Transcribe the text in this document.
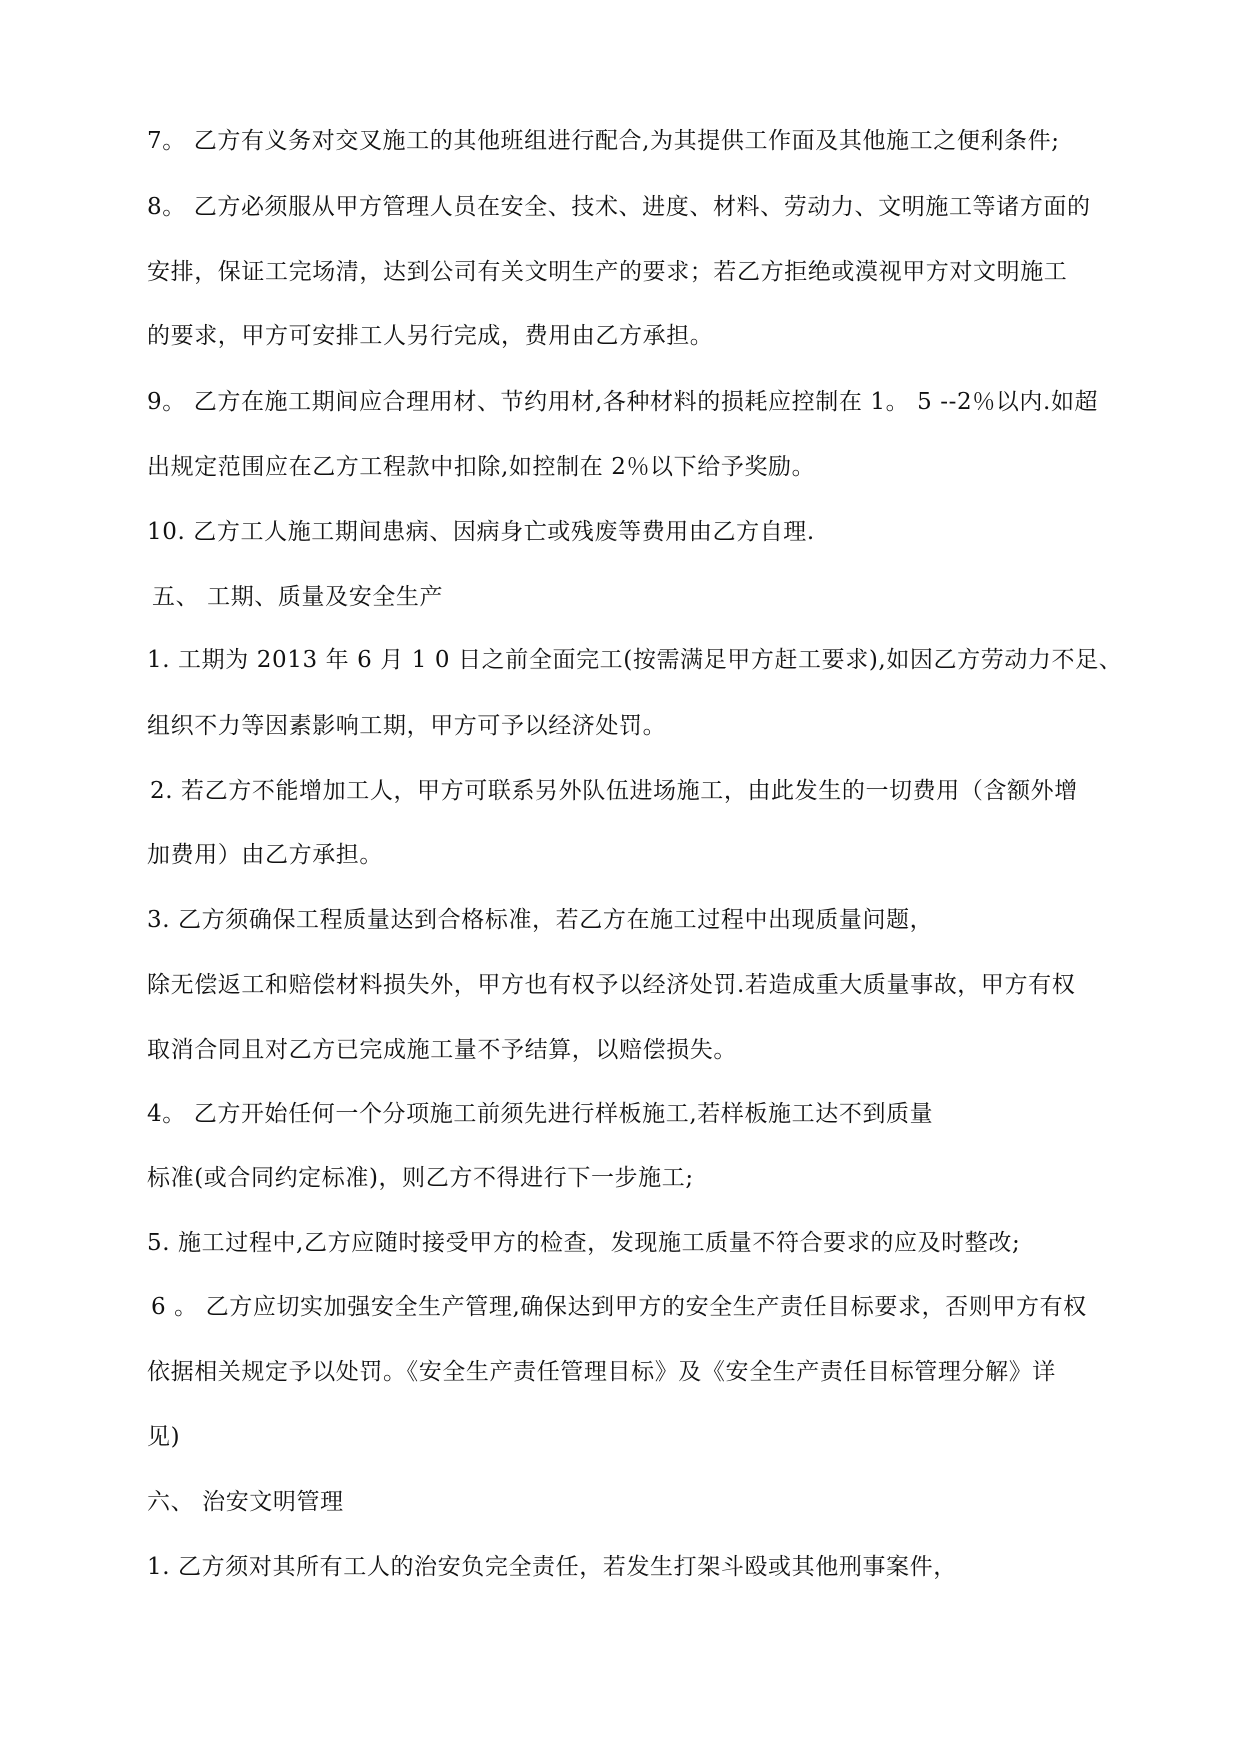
7。 乙方有义务对交叉施工的其他班组进行配合,为其提供工作面及其他施工之便利条件;
8。 乙方必须服从甲方管理人员在安全、技术、进度、材料、劳动力、文明施工等诸方面的
安排，保证工完场清，达到公司有关文明生产的要求；若乙方拒绝或漠视甲方对文明施工
的要求，甲方可安排工人另行完成，费用由乙方承担。
9。 乙方在施工期间应合理用材、节约用材,各种材料的损耗应控制在 1。 5 --2％以内.如超
出规定范围应在乙方工程款中扣除,如控制在 2％以下给予奖励。
10. 乙方工人施工期间患病、因病身亡或残废等费用由乙方自理.
五、 工期、质量及安全生产
1. 工期为 2013 年 6 月 1 0 日之前全面完工(按需满足甲方赶工要求),如因乙方劳动力不足、
组织不力等因素影响工期，甲方可予以经济处罚。
2. 若乙方不能增加工人，甲方可联系另外队伍进场施工，由此发生的一切费用（含额外增
加费用）由乙方承担。
3. 乙方须确保工程质量达到合格标准，若乙方在施工过程中出现质量问题，
除无偿返工和赔偿材料损失外，甲方也有权予以经济处罚.若造成重大质量事故，甲方有权
取消合同且对乙方已完成施工量不予结算，以赔偿损失。
4。 乙方开始任何一个分项施工前须先进行样板施工,若样板施工达不到质量
标准(或合同约定标准)，则乙方不得进行下一步施工;
5. 施工过程中,乙方应随时接受甲方的检查，发现施工质量不符合要求的应及时整改;
6 。 乙方应切实加强安全生产管理,确保达到甲方的安全生产责任目标要求，否则甲方有权
依据相关规定予以处罚。《安全生产责任管理目标》及《安全生产责任目标管理分解》详
见)
六、 治安文明管理
1. 乙方须对其所有工人的治安负完全责任，若发生打架斗殴或其他刑事案件，
